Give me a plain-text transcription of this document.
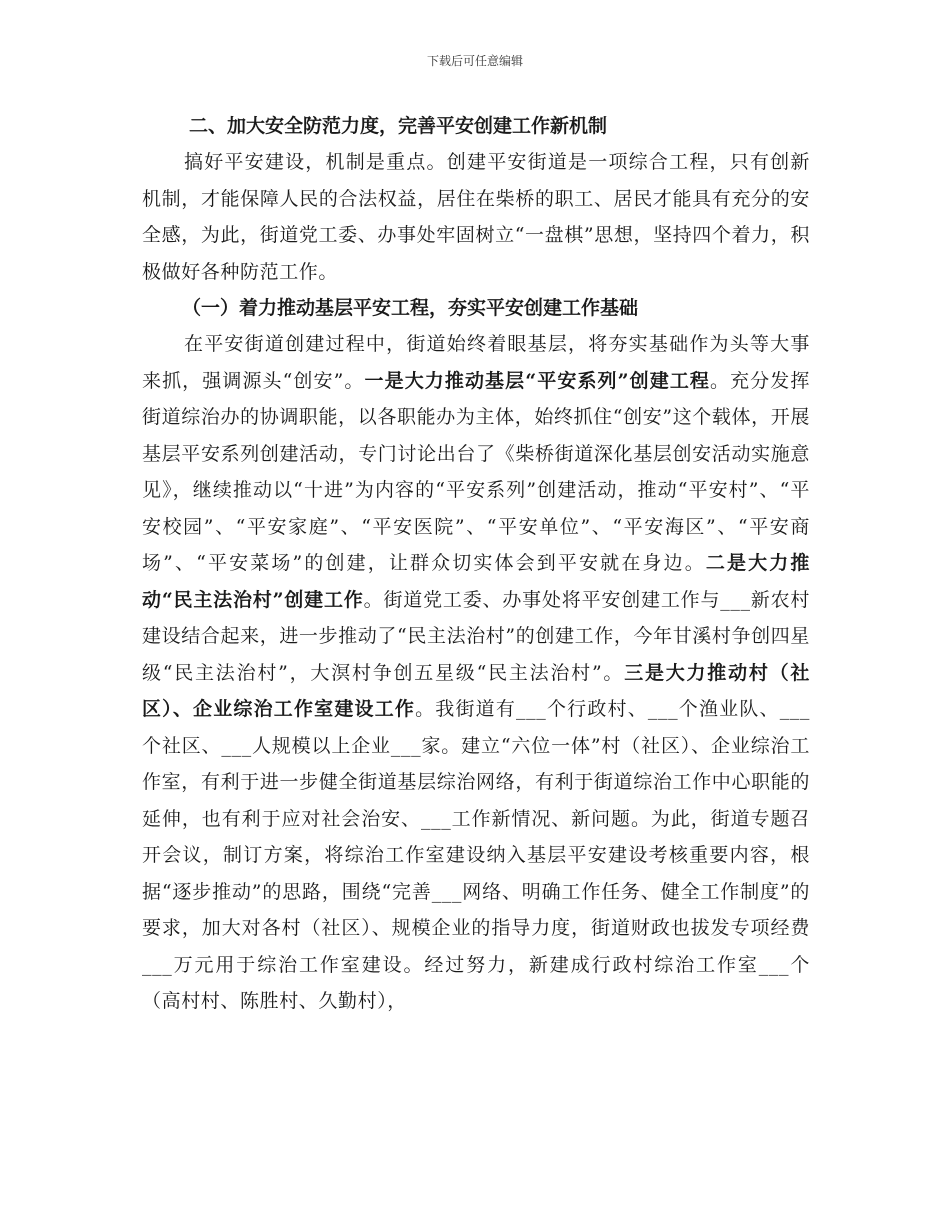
下载后可任意编辑

二、加大安全防范力度，完善平安创建工作新机制

搞好平安建设，机制是重点。创建平安街道是一项综合工程，只有创新机制，才能保障人民的合法权益，居住在柴桥的职工、居民才能具有充分的安全感，为此，街道党工委、办事处牢固树立“一盘棋”思想，坚持四个着力，积极做好各种防范工作。

（一）着力推动基层平安工程，夯实平安创建工作基础

在平安街道创建过程中，街道始终着眼基层，将夯实基础作为头等大事来抓，强调源头“创安”。一是大力推动基层“平安系列”创建工程。充分发挥街道综治办的协调职能，以各职能办为主体，始终抓住“创安”这个载体，开展基层平安系列创建活动，专门讨论出台了《柴桥街道深化基层创安活动实施意见》，继续推动以“十进”为内容的“平安系列”创建活动，推动“平安村”、“平安校园”、“平安家庭”、“平安医院”、“平安单位”、“平安海区”、“平安商场”、“平安菜场”的创建，让群众切实体会到平安就在身边。二是大力推动“民主法治村”创建工作。街道党工委、办事处将平安创建工作与___新农村建设结合起来，进一步推动了“民主法治村”的创建工作，今年甘溪村争创四星级“民主法治村”，大溟村争创五星级“民主法治村”。三是大力推动村（社区）、企业综治工作室建设工作。我街道有___个行政村、___个渔业队、___个社区、___人规模以上企业___家。建立“六位一体”村（社区）、企业综治工作室，有利于进一步健全街道基层综治网络，有利于街道综治工作中心职能的延伸，也有利于应对社会治安、___工作新情况、新问题。为此，街道专题召开会议，制订方案，将综治工作室建设纳入基层平安建设考核重要内容，根据“逐步推动”的思路，围绕“完善___网络、明确工作任务、健全工作制度”的要求，加大对各村（社区）、规模企业的指导力度，街道财政也拔发专项经费___万元用于综治工作室建设。经过努力，新建成行政村综治工作室___个（高村村、陈胜村、久勤村），
